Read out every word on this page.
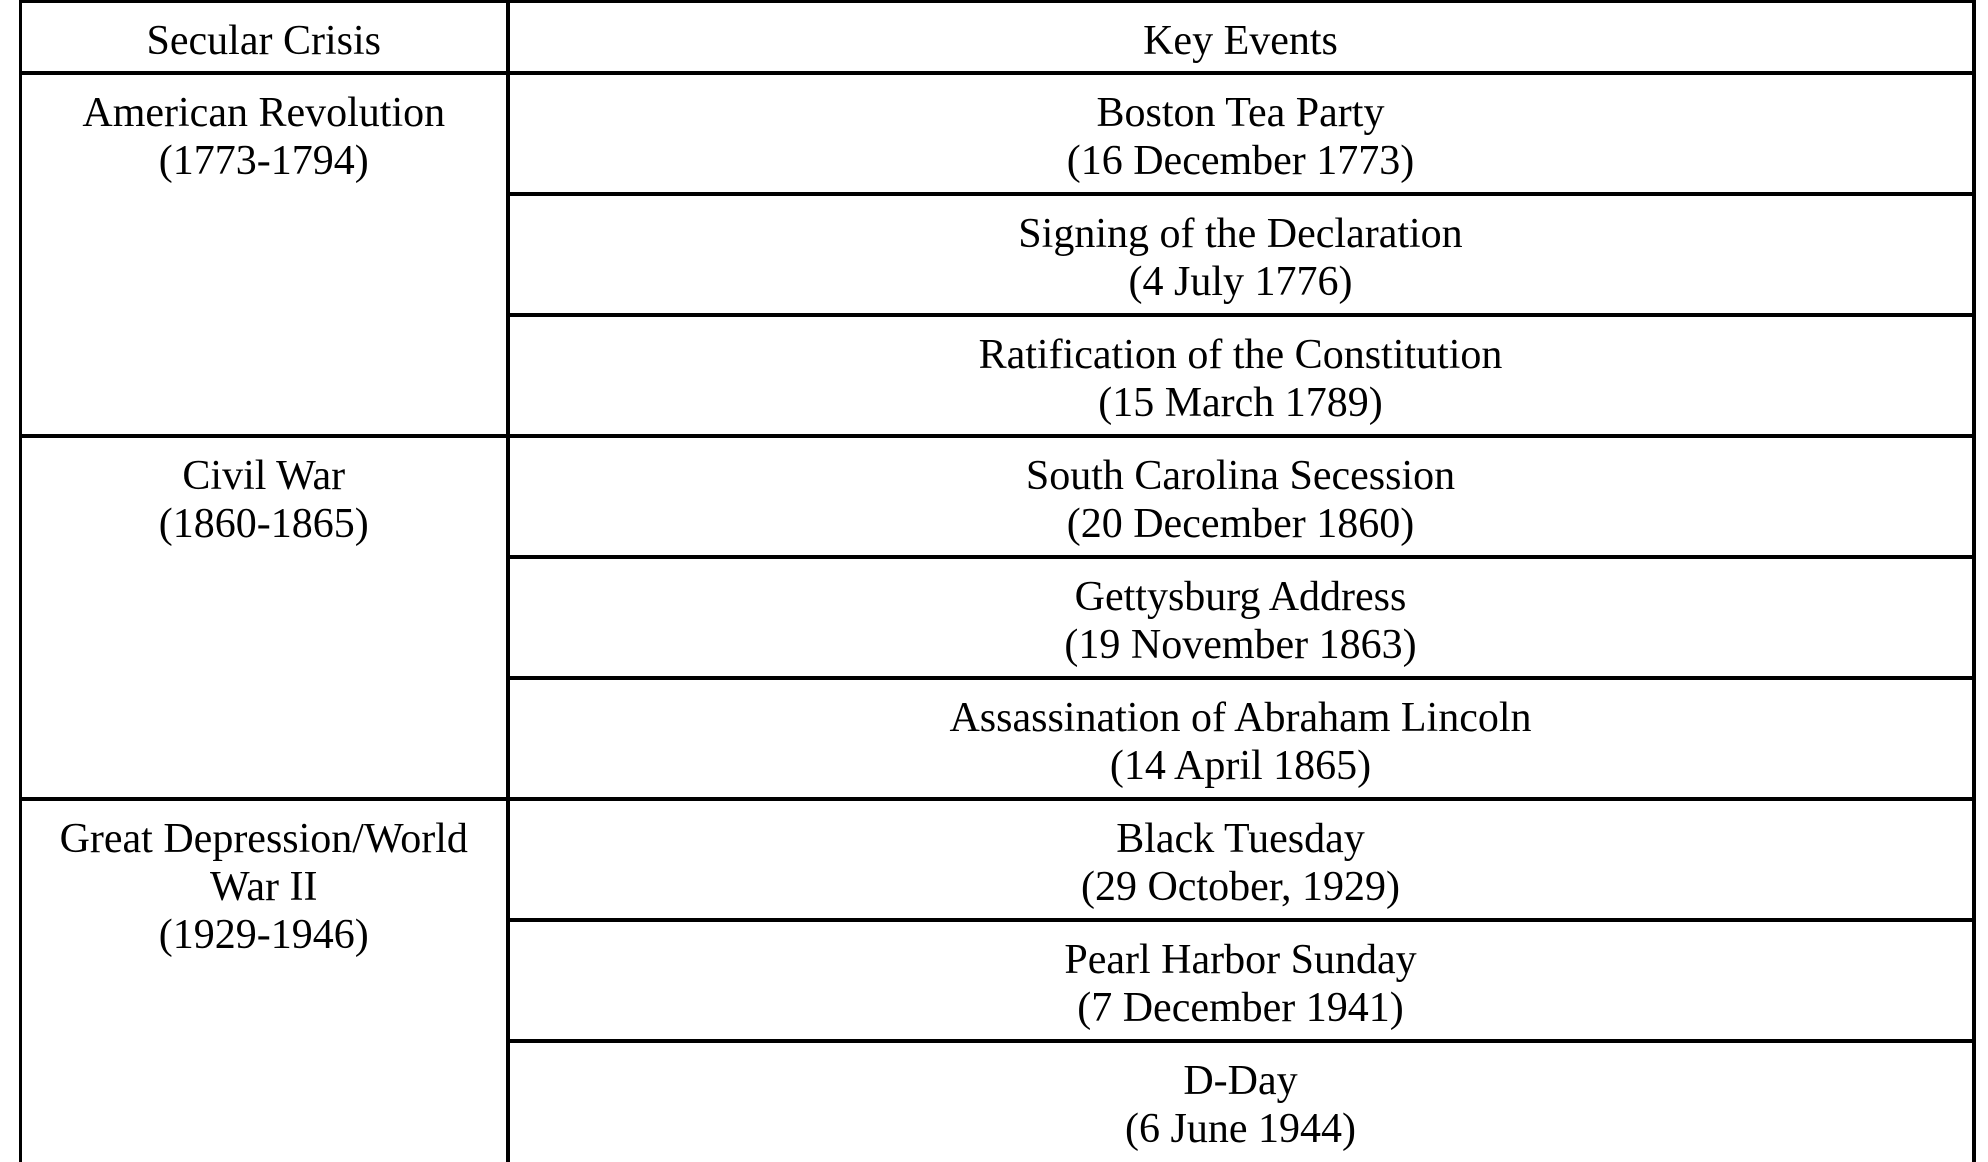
Secular Crisis	Key Events

American Revolution
(1773-1794)	Boston Tea Party
(16 December 1773)

	Signing of the Declaration
(4 July 1776)

	Ratification of the Constitution
(15 March 1789)

Civil War
(1860-1865)	South Carolina Secession
(20 December 1860)

	Gettysburg Address
(19 November 1863)

	Assassination of Abraham Lincoln
(14 April 1865)

Great Depression/World War II
(1929-1946)	Black Tuesday
(29 October, 1929)

	Pearl Harbor Sunday
(7 December 1941)

	D-Day
(6 June 1944)
